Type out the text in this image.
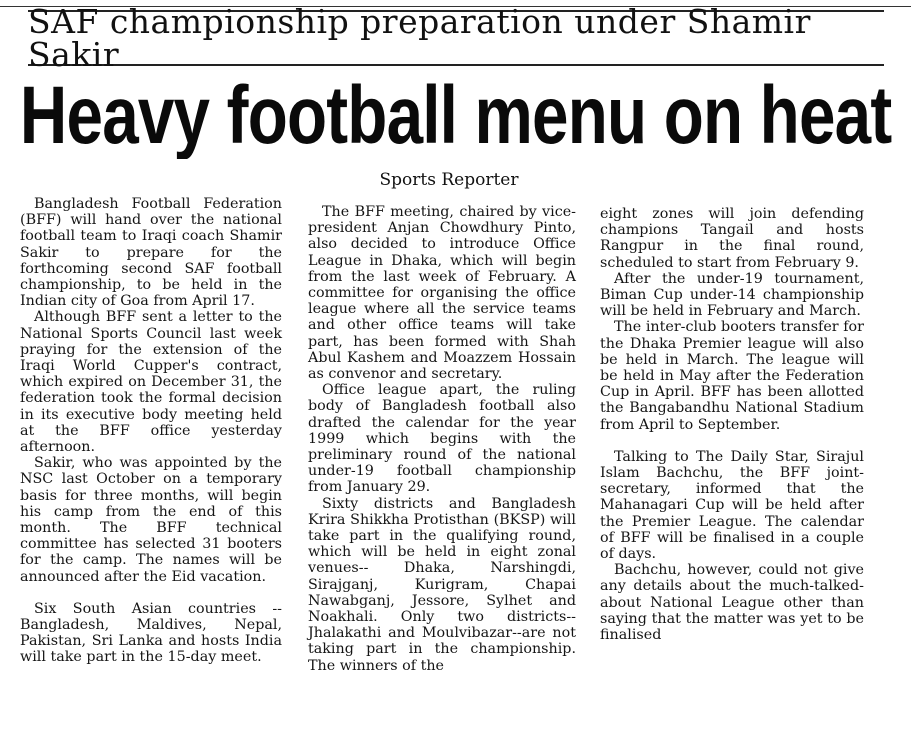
SAF championship preparation under Shamir Sakir
Heavy football menu on heat
Sports Reporter

Bangladesh Football Federation (BFF) will hand over the national football team to Iraqi coach Shamir Sakir to prepare for the forthcoming second SAF football championship, to be held in the Indian city of Goa from April 17.

Although BFF sent a letter to the National Sports Council last week praying for the extension of the Iraqi World Cupper's contract, which expired on December 31, the federation took the formal decision in its executive body meeting held at the BFF office yesterday afternoon.

Sakir, who was appointed by the NSC last October on a temporary basis for three months, will begin his camp from the end of this month. The BFF technical committee has selected 31 booters for the camp. The names will be announced after the Eid vacation.

Six South Asian countries -- Bangladesh, Maldives, Nepal, Pakistan, Sri Lanka and hosts India will take part in the 15-day meet.

The BFF meeting, chaired by vice-president Anjan Chowdhury Pinto, also decided to introduce Office League in Dhaka, which will begin from the last week of February. A committee for organising the office league where all the service teams and other office teams will take part, has been formed with Shah Abul Kashem and Moazzem Hossain as convenor and secretary.

Office league apart, the ruling body of Bangladesh football also drafted the calendar for the year 1999 which begins with the preliminary round of the national under-19 football championship from January 29.

Sixty districts and Bangladesh Krira Shikkha Protisthan (BKSP) will take part in the qualifying round, which will be held in eight zonal venues-- Dhaka, Narshingdi, Sirajganj, Kurigram, Chapai Nawabganj, Jessore, Sylhet and Noakhali. Only two districts--Jhalakathi and Moulvibazar--are not taking part in the championship. The winners of the

eight zones will join defending champions Tangail and hosts Rangpur in the final round, scheduled to start from February 9.

After the under-19 tournament, Biman Cup under-14 championship will be held in February and March.

The inter-club booters transfer for the Dhaka Premier league will also be held in March. The league will be held in May after the Federation Cup in April. BFF has been allotted the Bangabandhu National Stadium from April to September.

Talking to The Daily Star, Sirajul Islam Bachchu, the BFF joint-secretary, informed that the Mahanagari Cup will be held after the Premier League. The calendar of BFF will be finalised in a couple of days.

Bachchu, however, could not give any details about the much-talked-about National League other than saying that the matter was yet to be finalised
